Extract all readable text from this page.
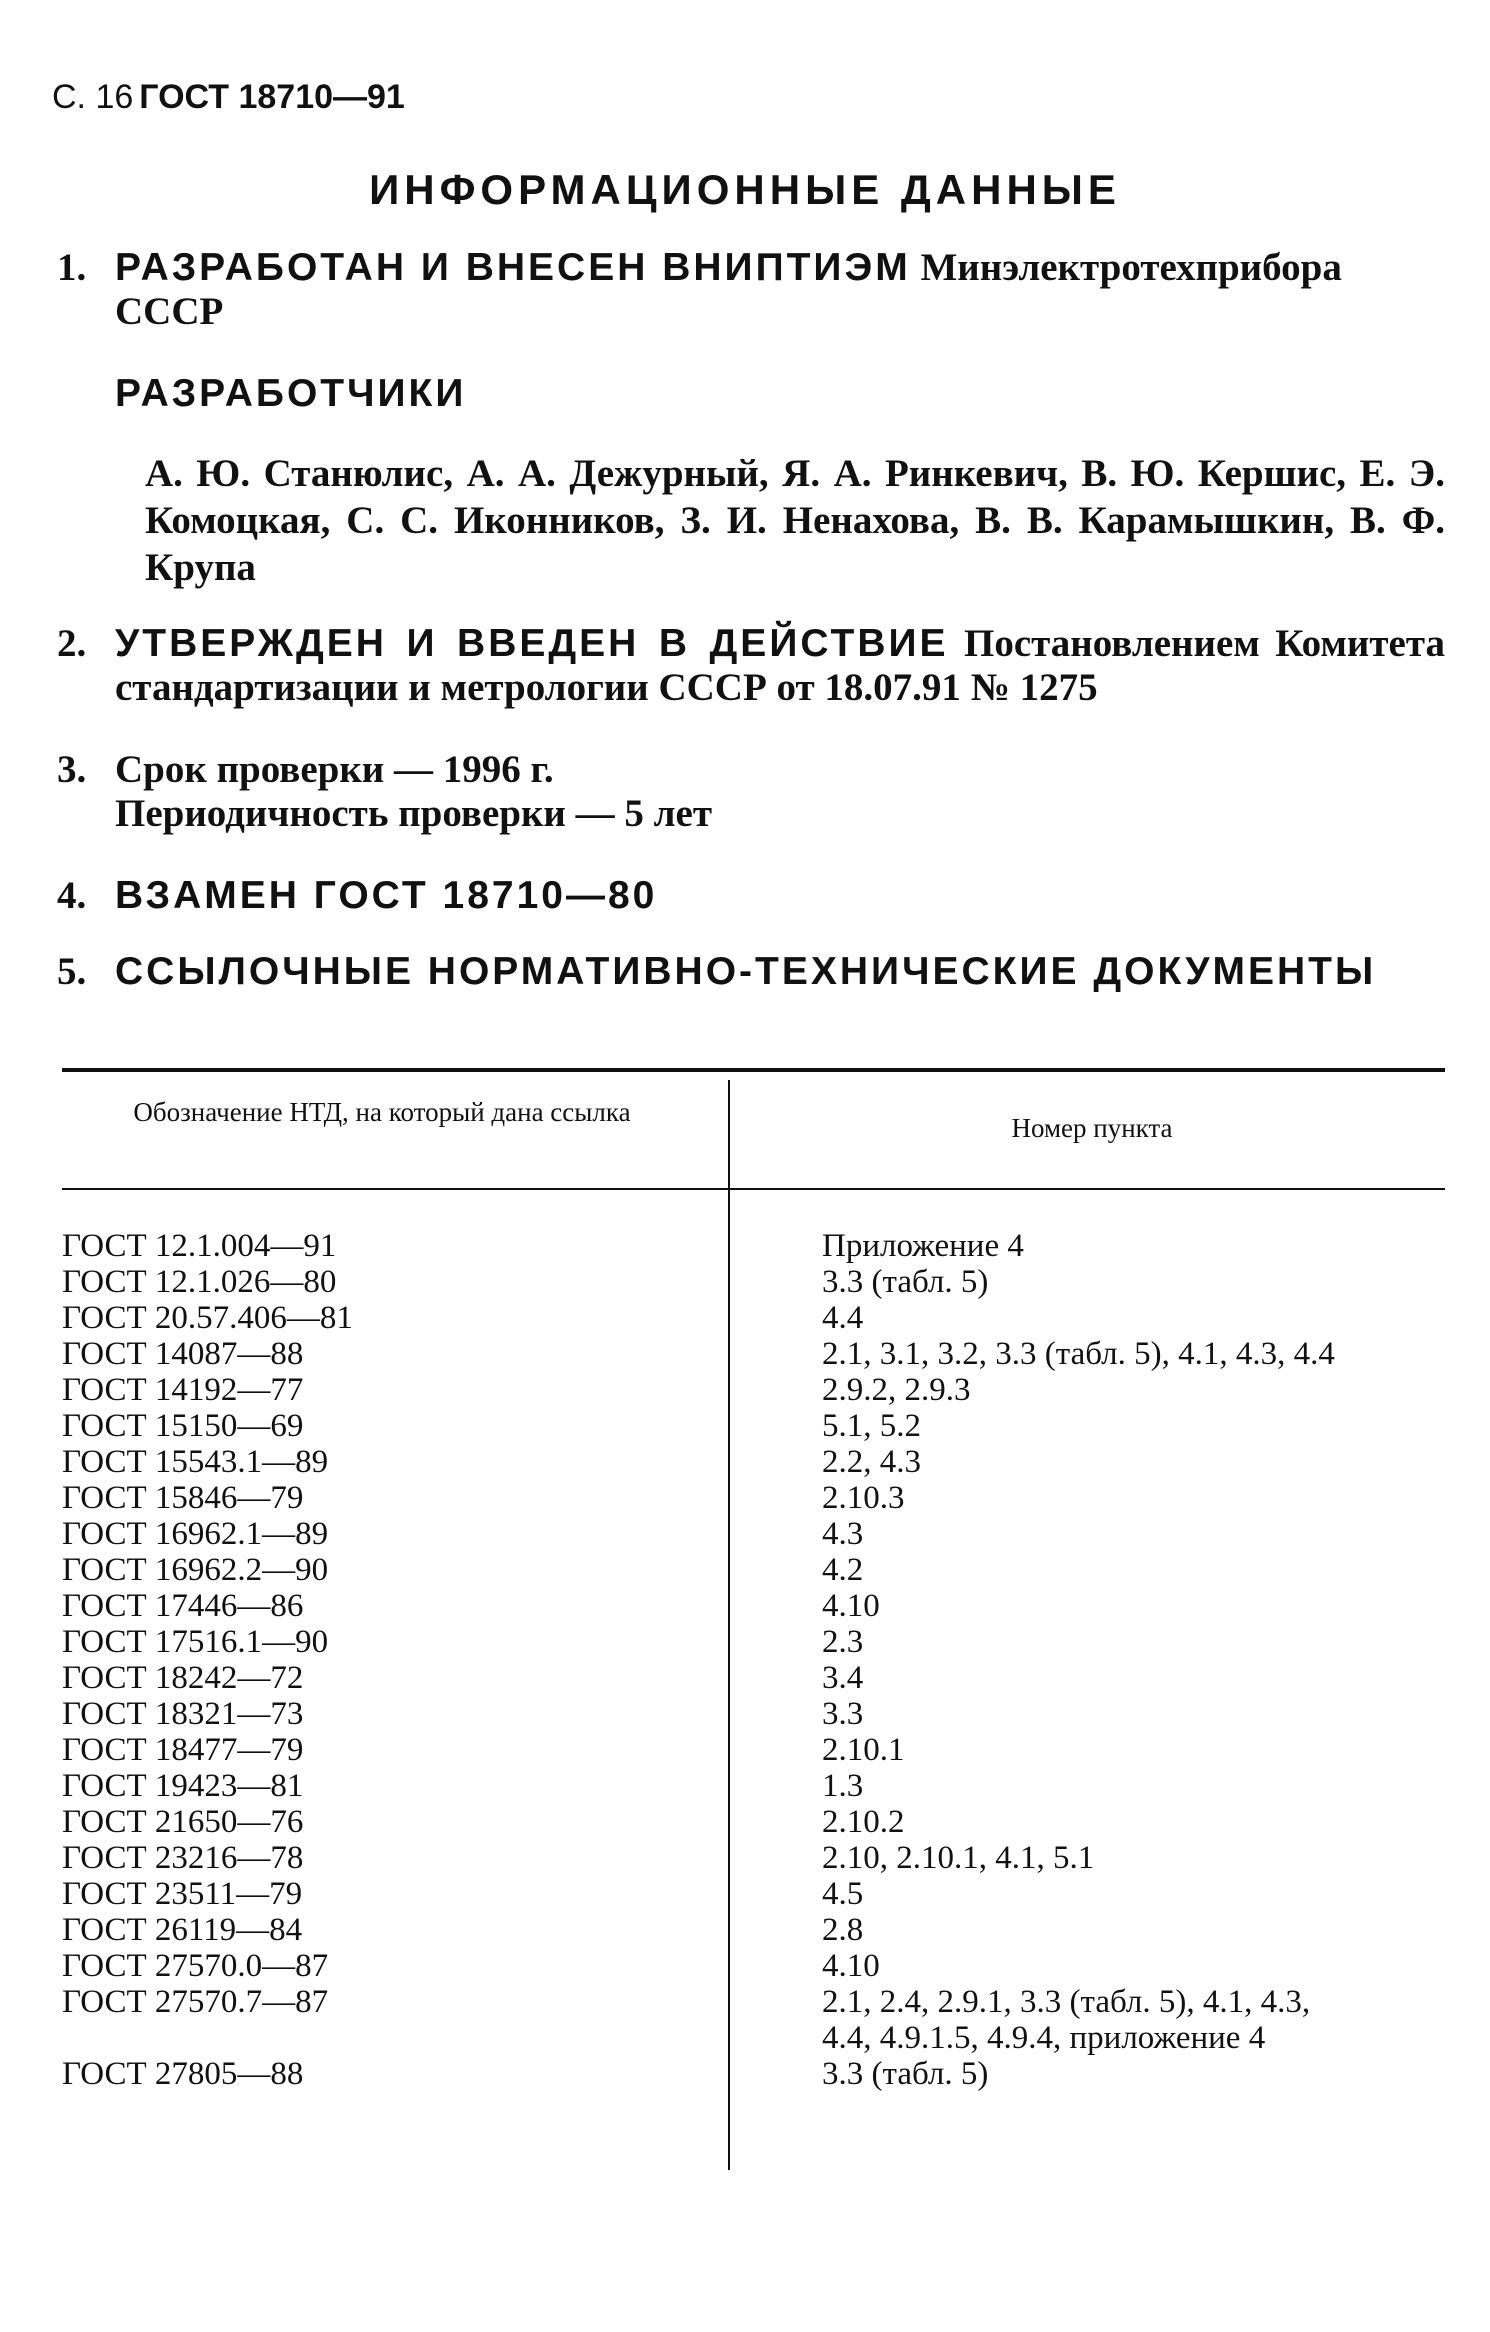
С. 16 ГОСТ 18710—91
ИНФОРМАЦИОННЫЕ ДАННЫЕ
1. РАЗРАБОТАН И ВНЕСЕН ВНИПТИЭМ Минэлектротехприбора СССР
РАЗРАБОТЧИКИ
А. Ю. Станюлис, А. А. Дежурный, Я. А. Ринкевич, В. Ю. Кершис, Е. Э. Комоцкая, С. С. Иконников, З. И. Ненахова, В. В. Карамышкин, В. Ф. Крупа
2. УТВЕРЖДЕН И ВВЕДЕН В ДЕЙСТВИЕ Постановлением Комитета стандартизации и метрологии СССР от 18.07.91 № 1275
3. Срок проверки — 1996 г.
Периодичность проверки — 5 лет
4. ВЗАМЕН ГОСТ 18710—80
5. ССЫЛОЧНЫЕ НОРМАТИВНО-ТЕХНИЧЕСКИЕ ДОКУМЕНТЫ
Обозначение НТД, на который дана ссылка
Номер пункта
ГОСТ 12.1.004—91	Приложение 4
ГОСТ 12.1.026—80	3.3 (табл. 5)
ГОСТ 20.57.406—81	4.4
ГОСТ 14087—88	2.1, 3.1, 3.2, 3.3 (табл. 5), 4.1, 4.3, 4.4
ГОСТ 14192—77	2.9.2, 2.9.3
ГОСТ 15150—69	5.1, 5.2
ГОСТ 15543.1—89	2.2, 4.3
ГОСТ 15846—79	2.10.3
ГОСТ 16962.1—89	4.3
ГОСТ 16962.2—90	4.2
ГОСТ 17446—86	4.10
ГОСТ 17516.1—90	2.3
ГОСТ 18242—72	3.4
ГОСТ 18321—73	3.3
ГОСТ 18477—79	2.10.1
ГОСТ 19423—81	1.3
ГОСТ 21650—76	2.10.2
ГОСТ 23216—78	2.10, 2.10.1, 4.1, 5.1
ГОСТ 23511—79	4.5
ГОСТ 26119—84	2.8
ГОСТ 27570.0—87	4.10
ГОСТ 27570.7—87	2.1, 2.4, 2.9.1, 3.3 (табл. 5), 4.1, 4.3,
4.4, 4.9.1.5, 4.9.4, приложение 4
ГОСТ 27805—88	3.3 (табл. 5)
